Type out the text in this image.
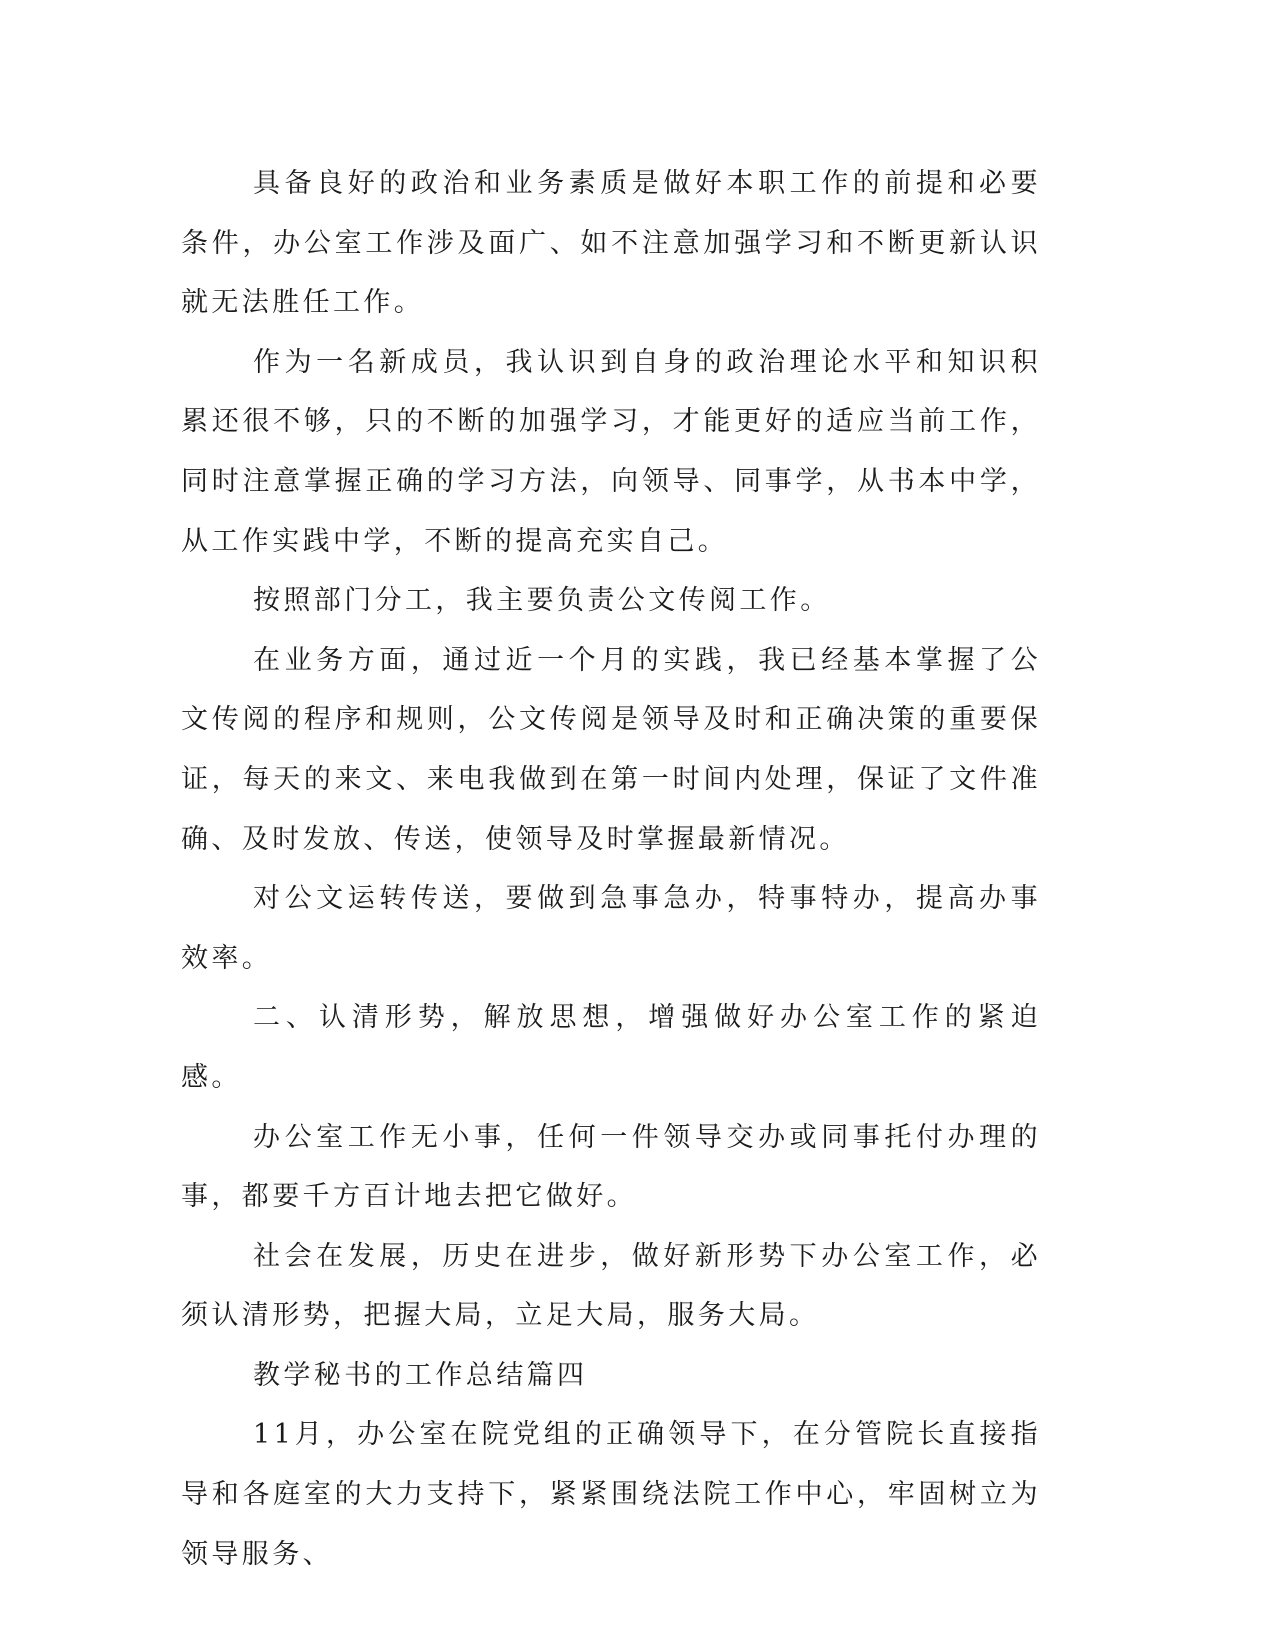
具备良好的政治和业务素质是做好本职工作的前提和必要条件，办公室工作涉及面广、如不注意加强学习和不断更新认识就无法胜任工作。

作为一名新成员，我认识到自身的政治理论水平和知识积累还很不够，只的不断的加强学习，才能更好的适应当前工作，同时注意掌握正确的学习方法，向领导、同事学，从书本中学，从工作实践中学，不断的提高充实自己。

按照部门分工，我主要负责公文传阅工作。

在业务方面，通过近一个月的实践，我已经基本掌握了公文传阅的程序和规则，公文传阅是领导及时和正确决策的重要保证，每天的来文、来电我做到在第一时间内处理，保证了文件准确、及时发放、传送，使领导及时掌握最新情况。

对公文运转传送，要做到急事急办，特事特办，提高办事效率。

二、认清形势，解放思想，增强做好办公室工作的紧迫感。

办公室工作无小事，任何一件领导交办或同事托付办理的事，都要千方百计地去把它做好。

社会在发展，历史在进步，做好新形势下办公室工作，必须认清形势，把握大局，立足大局，服务大局。

教学秘书的工作总结篇四

11月，办公室在院党组的正确领导下，在分管院长直接指导和各庭室的大力支持下，紧紧围绕法院工作中心，牢固树立为领导服务、
